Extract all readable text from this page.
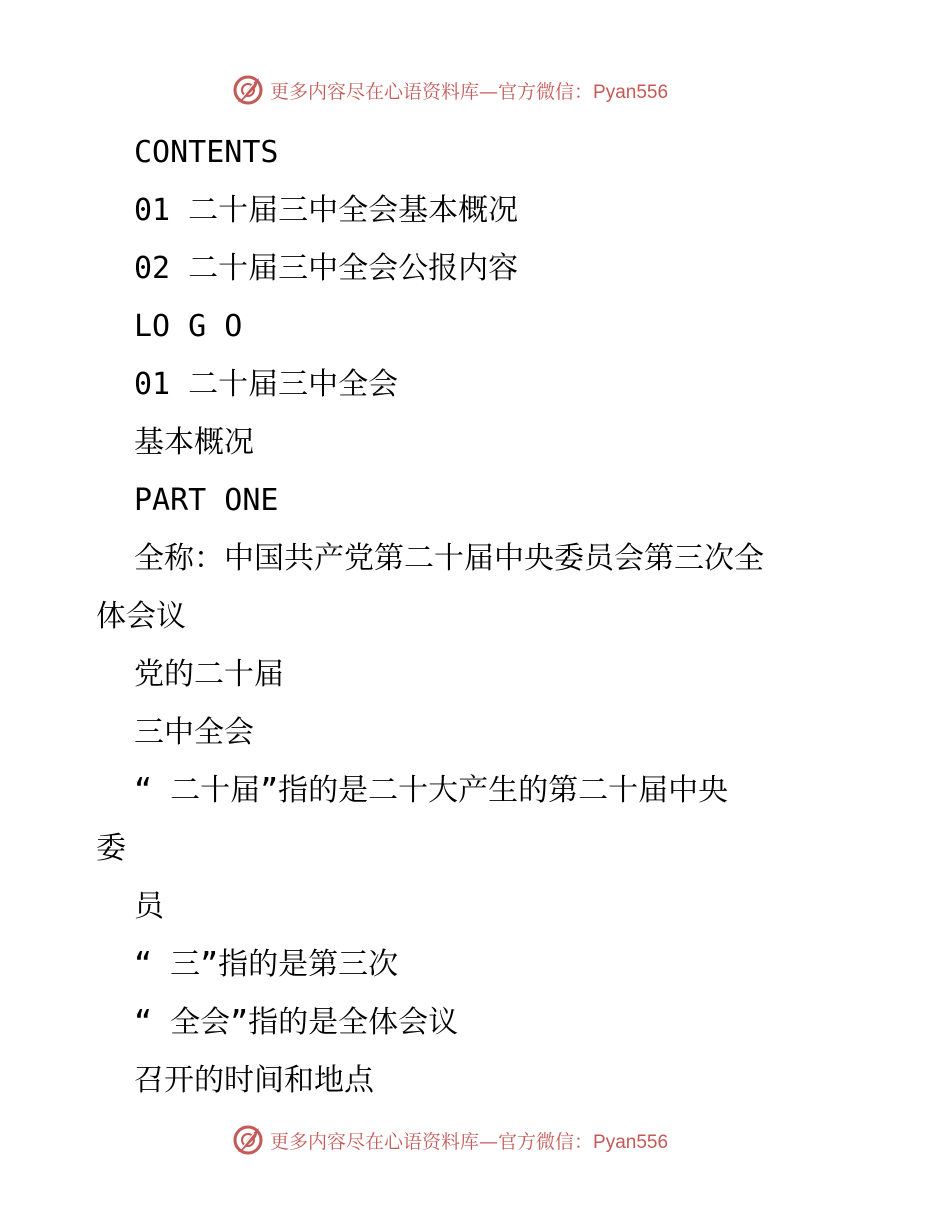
更多内容尽在心语资料库—官方微信：Pyan556
CONTENTS
01 二十届三中全会基本概况
02 二十届三中全会公报内容
LO G O
01 二十届三中全会
基本概况
PART ONE
全称：中国共产党第二十届中央委员会第三次全
体会议
党的二十届
三中全会
“ 二十届”指的是二十大产生的第二十届中央
委
员
“ 三”指的是第三次
“ 全会”指的是全体会议
召开的时间和地点
更多内容尽在心语资料库—官方微信：Pyan556
